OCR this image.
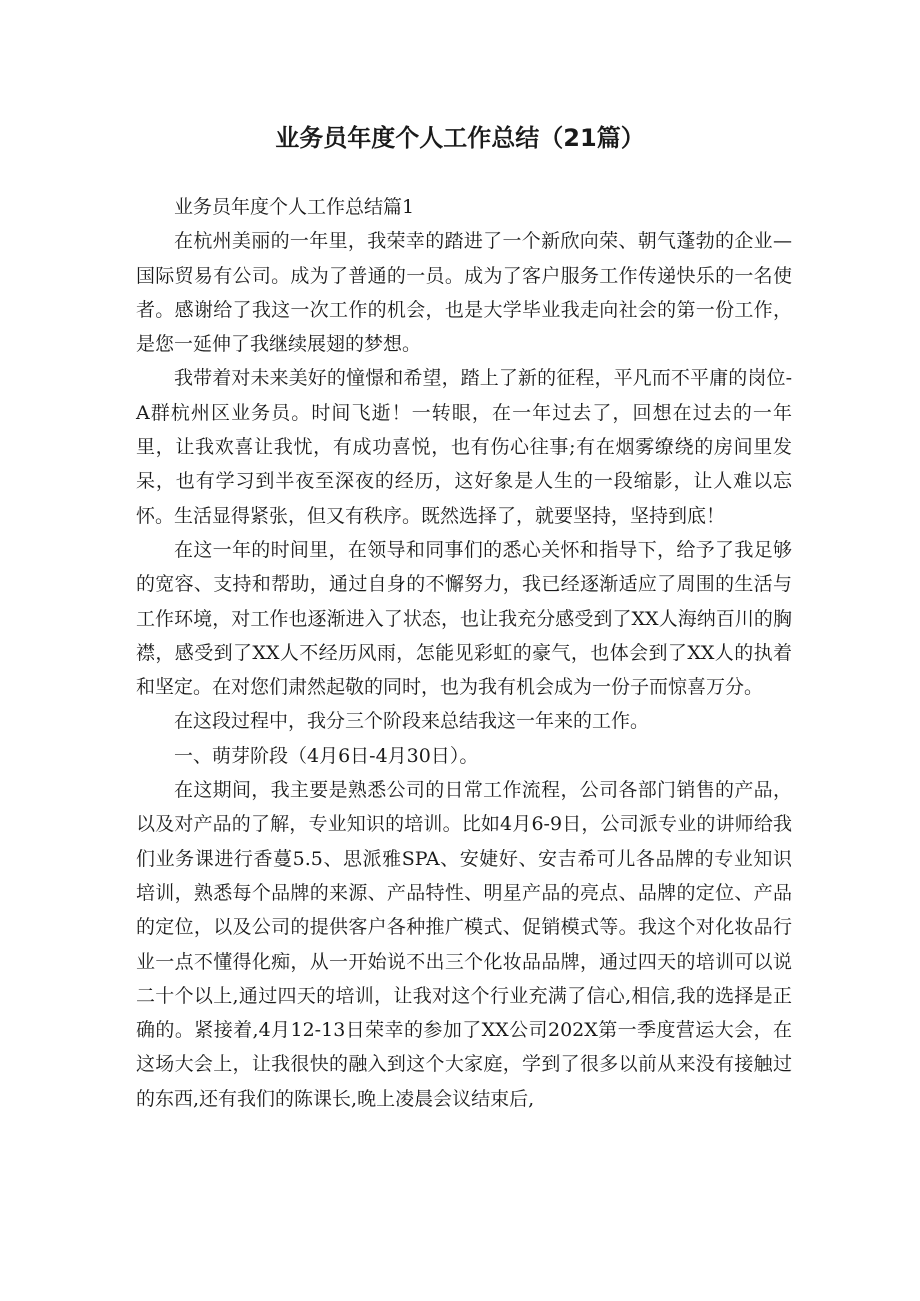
业务员年度个人工作总结（21篇）

业务员年度个人工作总结篇1

在杭州美丽的一年里，我荣幸的踏进了一个新欣向荣、朝气蓬勃的企业—国际贸易有公司。成为了普通的一员。成为了客户服务工作传递快乐的一名使者。感谢给了我这一次工作的机会，也是大学毕业我走向社会的第一份工作，是您一延伸了我继续展翅的梦想。

我带着对未来美好的憧憬和希望，踏上了新的征程，平凡而不平庸的岗位-A群杭州区业务员。时间飞逝！一转眼，在一年过去了，回想在过去的一年里，让我欢喜让我忧，有成功喜悦，也有伤心往事;有在烟雾缭绕的房间里发呆，也有学习到半夜至深夜的经历，这好象是人生的一段缩影，让人难以忘怀。生活显得紧张，但又有秩序。既然选择了，就要坚持，坚持到底！

在这一年的时间里，在领导和同事们的悉心关怀和指导下，给予了我足够的宽容、支持和帮助，通过自身的不懈努力，我已经逐渐适应了周围的生活与工作环境，对工作也逐渐进入了状态，也让我充分感受到了XX人海纳百川的胸襟，感受到了XX人不经历风雨，怎能见彩虹的豪气，也体会到了XX人的执着和坚定。在对您们肃然起敬的同时，也为我有机会成为一份子而惊喜万分。

在这段过程中，我分三个阶段来总结我这一年来的工作。

一、萌芽阶段（4月6日-4月30日）。

在这期间，我主要是熟悉公司的日常工作流程，公司各部门销售的产品，以及对产品的了解，专业知识的培训。比如4月6-9日，公司派专业的讲师给我们业务课进行香蔓5.5、思派雅SPA、安婕好、安吉希可儿各品牌的专业知识培训，熟悉每个品牌的来源、产品特性、明星产品的亮点、品牌的定位、产品的定位，以及公司的提供客户各种推广模式、促销模式等。我这个对化妆品行业一点不懂得化痴，从一开始说不出三个化妆品品牌，通过四天的培训可以说二十个以上,通过四天的培训，让我对这个行业充满了信心,相信,我的选择是正确的。紧接着,4月12-13日荣幸的参加了XX公司202X第一季度营运大会，在这场大会上，让我很快的融入到这个大家庭，学到了很多以前从来没有接触过的东西,还有我们的陈课长,晚上凌晨会议结束后,
